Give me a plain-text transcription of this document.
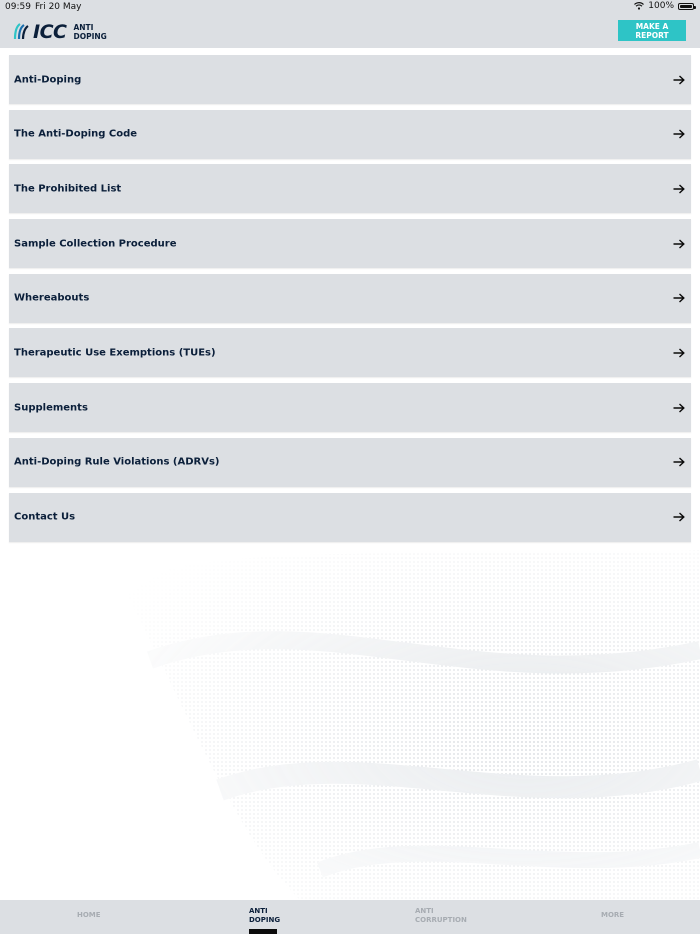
09:59 Fri 20 May	100%
ICC ANTI
DOPING
MAKE A REPORT
Anti-Doping
The Anti-Doping Code
The Prohibited List
Sample Collection Procedure
Whereabouts
Therapeutic Use Exemptions (TUEs)
Supplements
Anti-Doping Rule Violations (ADRVs)
Contact Us
HOME	ANTI
DOPING
ANTI
CORRUPTION
MORE
